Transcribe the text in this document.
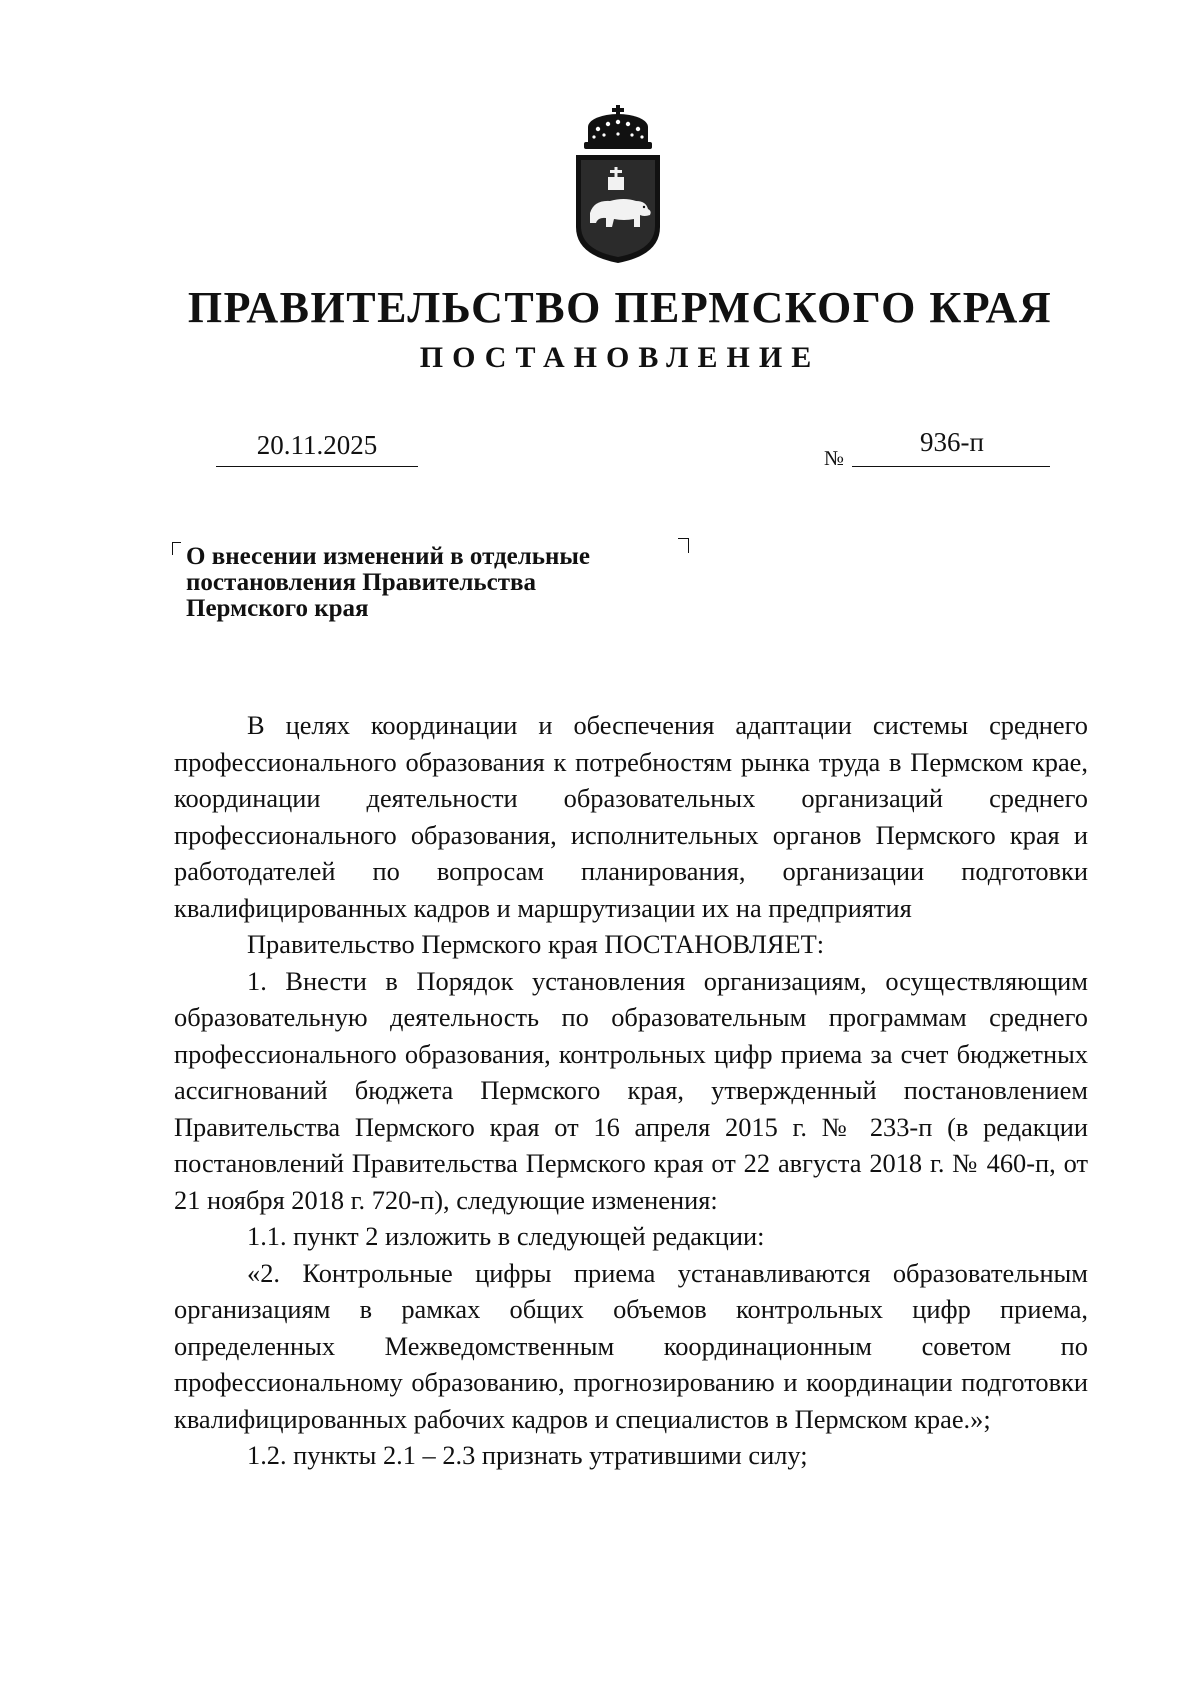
ПРАВИТЕЛЬСТВО ПЕРМСКОГО КРАЯ
ПОСТАНОВЛЕНИЕ
20.11.2025	№
936-п
О внесении изменений в отдельные
постановления Правительства
Пермского края

В целях координации и обеспечения адаптации системы среднего профессионального образования к потребностям рынка труда в Пермском крае, координации деятельности образовательных организаций среднего профессионального образования, исполнительных органов Пермского края и работодателей по вопросам планирования, организации подготовки квалифицированных кадров и маршрутизации их на предприятия

Правительство Пермского края ПОСТАНОВЛЯЕТ:

1. Внести в Порядок установления организациям, осуществляющим образовательную деятельность по образовательным программам среднего профессионального образования, контрольных цифр приема за счет бюджетных ассигнований бюджета Пермского края, утвержденный постановлением Правительства Пермского края от 16 апреля 2015 г. № 233-п (в редакции постановлений Правительства Пермского края от 22 августа 2018 г. № 460-п, от 21 ноября 2018 г. 720-п), следующие изменения:

1.1. пункт 2 изложить в следующей редакции:

«2. Контрольные цифры приема устанавливаются образовательным организациям в рамках общих объемов контрольных цифр приема, определенных Межведомственным координационным советом по профессиональному образованию, прогнозированию и координации подготовки квалифицированных рабочих кадров и специалистов в Пермском крае.»;

1.2. пункты 2.1 – 2.3 признать утратившими силу;
